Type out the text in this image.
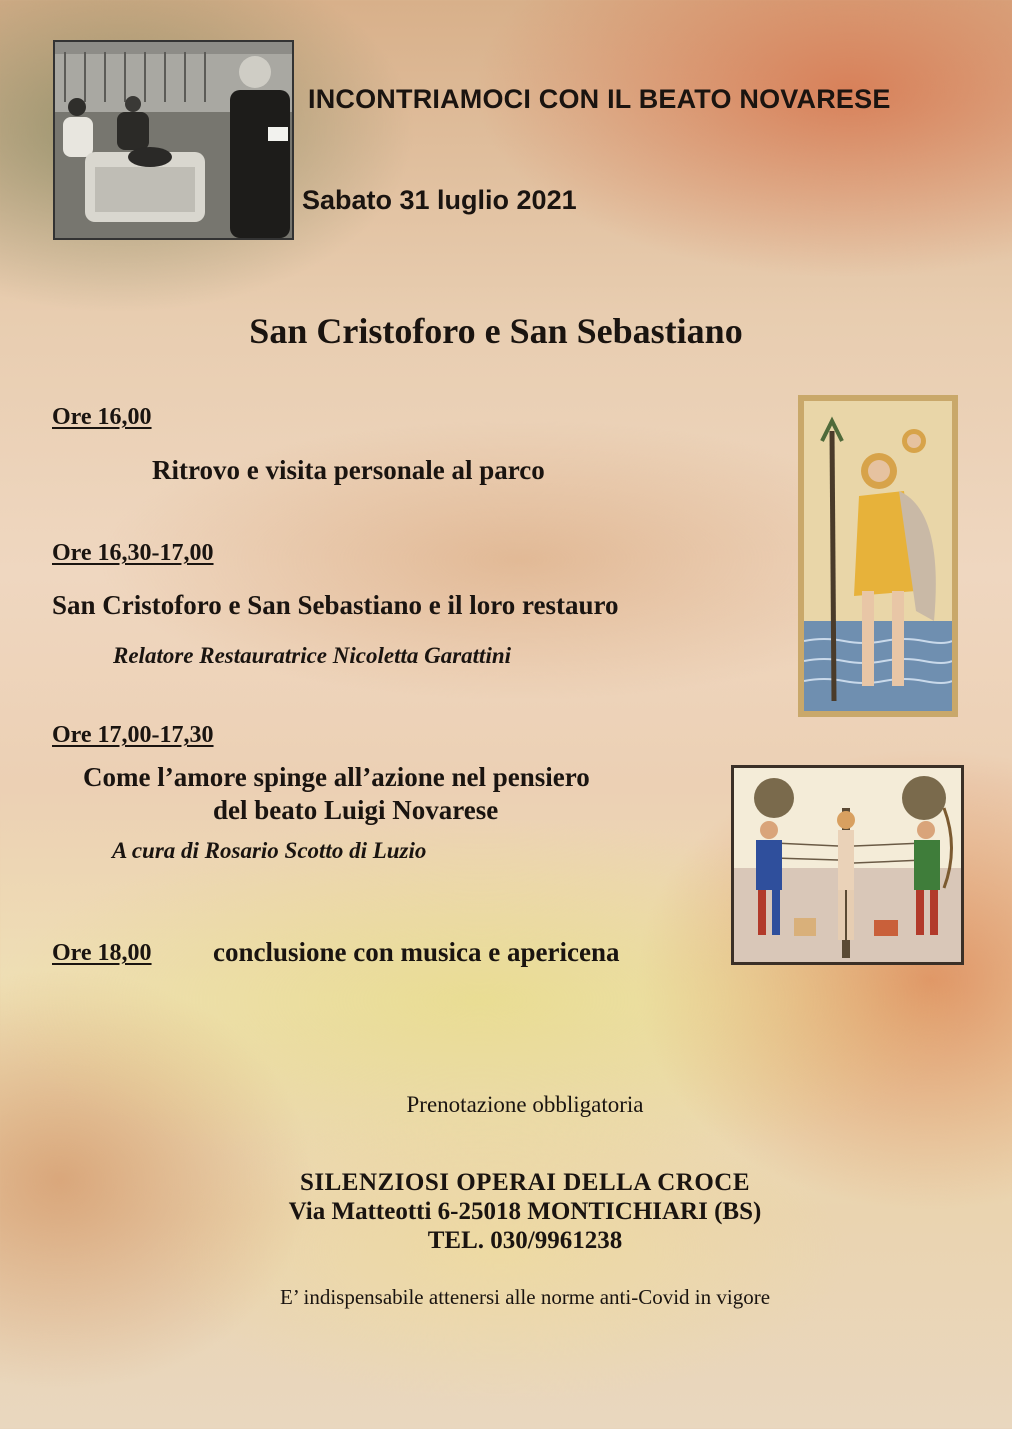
INCONTRIAMOCI CON IL BEATO NOVARESE
Sabato 31 luglio 2021
San Cristoforo e San Sebastiano
Ore 16,00
Ritrovo e visita personale al parco
Ore 16,30-17,00
San Cristoforo e San Sebastiano e il loro restauro
Relatore Restauratrice Nicoletta Garattini
Ore 17,00-17,30
Come l’amore spinge all’azione nel pensiero
del beato Luigi Novarese
A cura di Rosario Scotto di Luzio
Ore 18,00 conclusione con musica e apericena
Prenotazione obbligatoria
SILENZIOSI OPERAI DELLA CROCE
Via Matteotti 6-25018 MONTICHIARI (BS)
TEL. 030/9961238
E’ indispensabile attenersi alle norme anti-Covid in vigore
